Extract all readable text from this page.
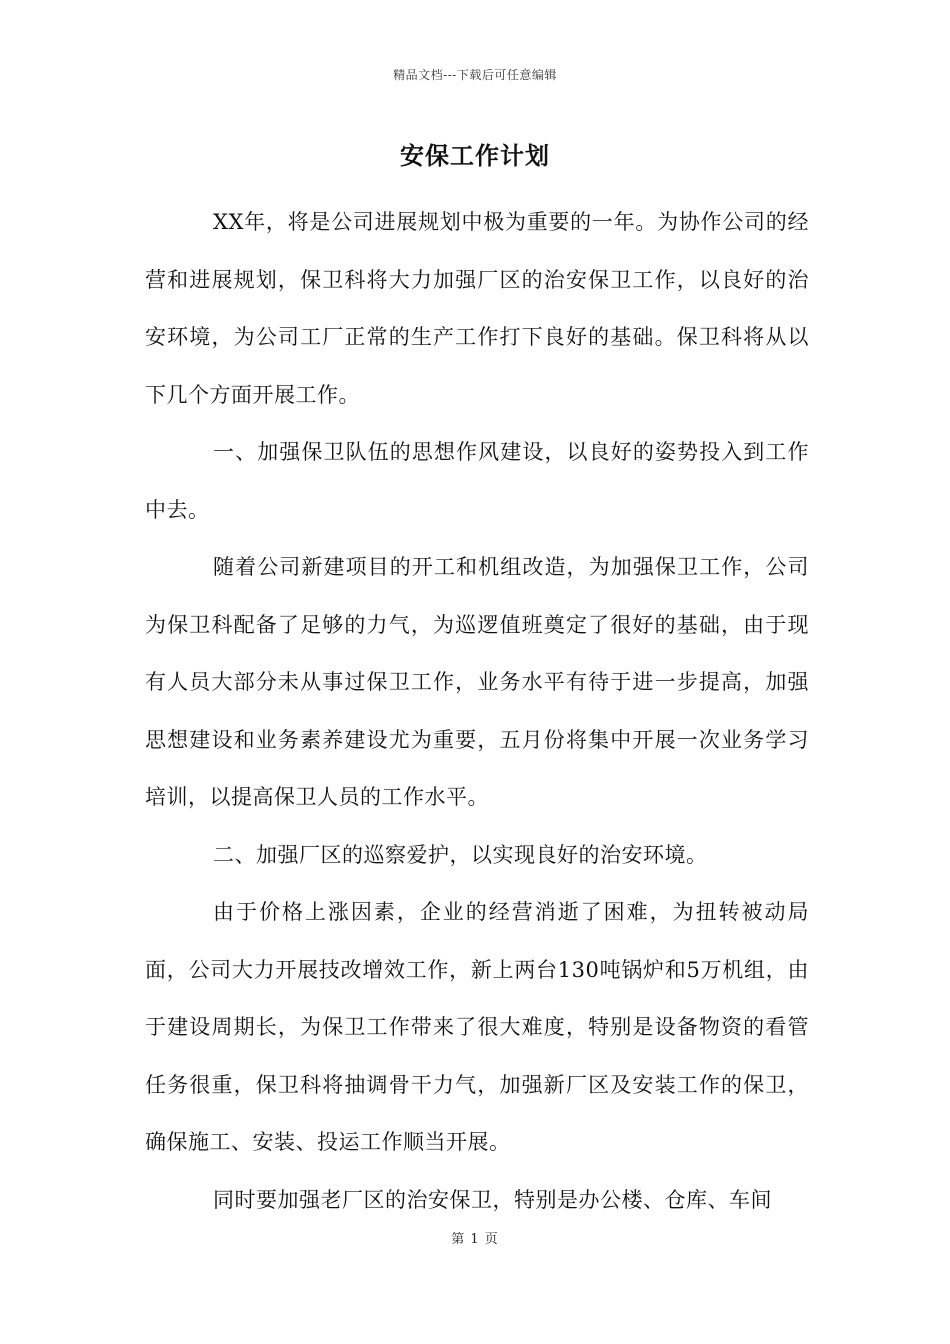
精品文档---下载后可任意编辑
安保工作计划

XX年，将是公司进展规划中极为重要的一年。为协作公司的经营和进展规划，保卫科将大力加强厂区的治安保卫工作，以良好的治安环境，为公司工厂正常的生产工作打下良好的基础。保卫科将从以下几个方面开展工作。

一、加强保卫队伍的思想作风建设，以良好的姿势投入到工作中去。

随着公司新建项目的开工和机组改造，为加强保卫工作，公司为保卫科配备了足够的力气，为巡逻值班奠定了很好的基础，由于现有人员大部分未从事过保卫工作，业务水平有待于进一步提高，加强思想建设和业务素养建设尤为重要，五月份将集中开展一次业务学习培训，以提高保卫人员的工作水平。

二、加强厂区的巡察爱护，以实现良好的治安环境。

由于价格上涨因素，企业的经营消逝了困难，为扭转被动局面，公司大力开展技改增效工作，新上两台130吨锅炉和5万机组，由于建设周期长，为保卫工作带来了很大难度，特别是设备物资的看管任务很重，保卫科将抽调骨干力气，加强新厂区及安装工作的保卫，确保施工、安装、投运工作顺当开展。

同时要加强老厂区的治安保卫，特别是办公楼、仓库、车间

第 1 页
